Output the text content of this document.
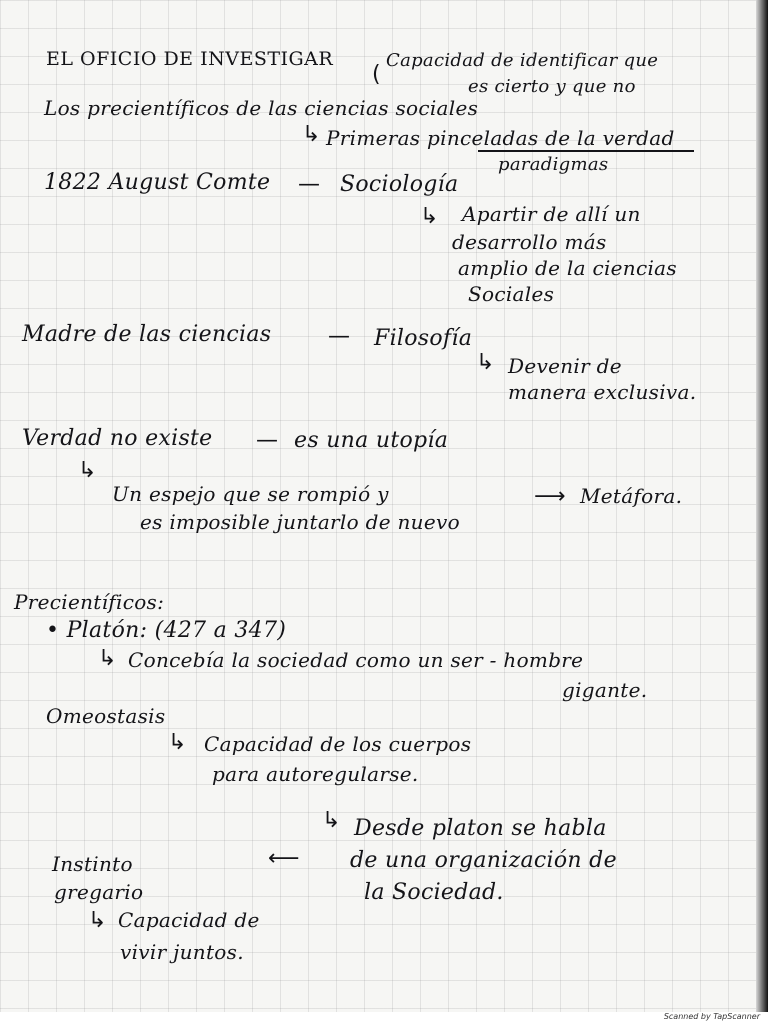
EL OFICIO DE INVESTIGAR
(
Capacidad de identificar que
es cierto y que no
Los precientíficos de las ciencias sociales
↳ Primeras pinceladas de la verdad
paradigmas
1822 August Comte — Sociología
↳ Apartir de allí un
desarrollo más
amplio de la ciencias
Sociales
Madre de las ciencias	— Filosofía
↳ Devenir de
manera exclusiva.
Verdad no existe — es una utopía
↳
Un espejo que se rompió y
es imposible juntarlo de nuevo
⟶ Metáfora.
Precientíficos:
• Platón: (427 a 347)
↳ Concebía la sociedad como un ser - hombre
gigante.
Omeostasis
↳ Capacidad de los cuerpos
para autoregularse.
↳ Desde platon se habla
de una organización de
la Sociedad.
Instinto
gregario
⟵
↳ Capacidad de
vivir juntos.
Scanned by TapScanner
